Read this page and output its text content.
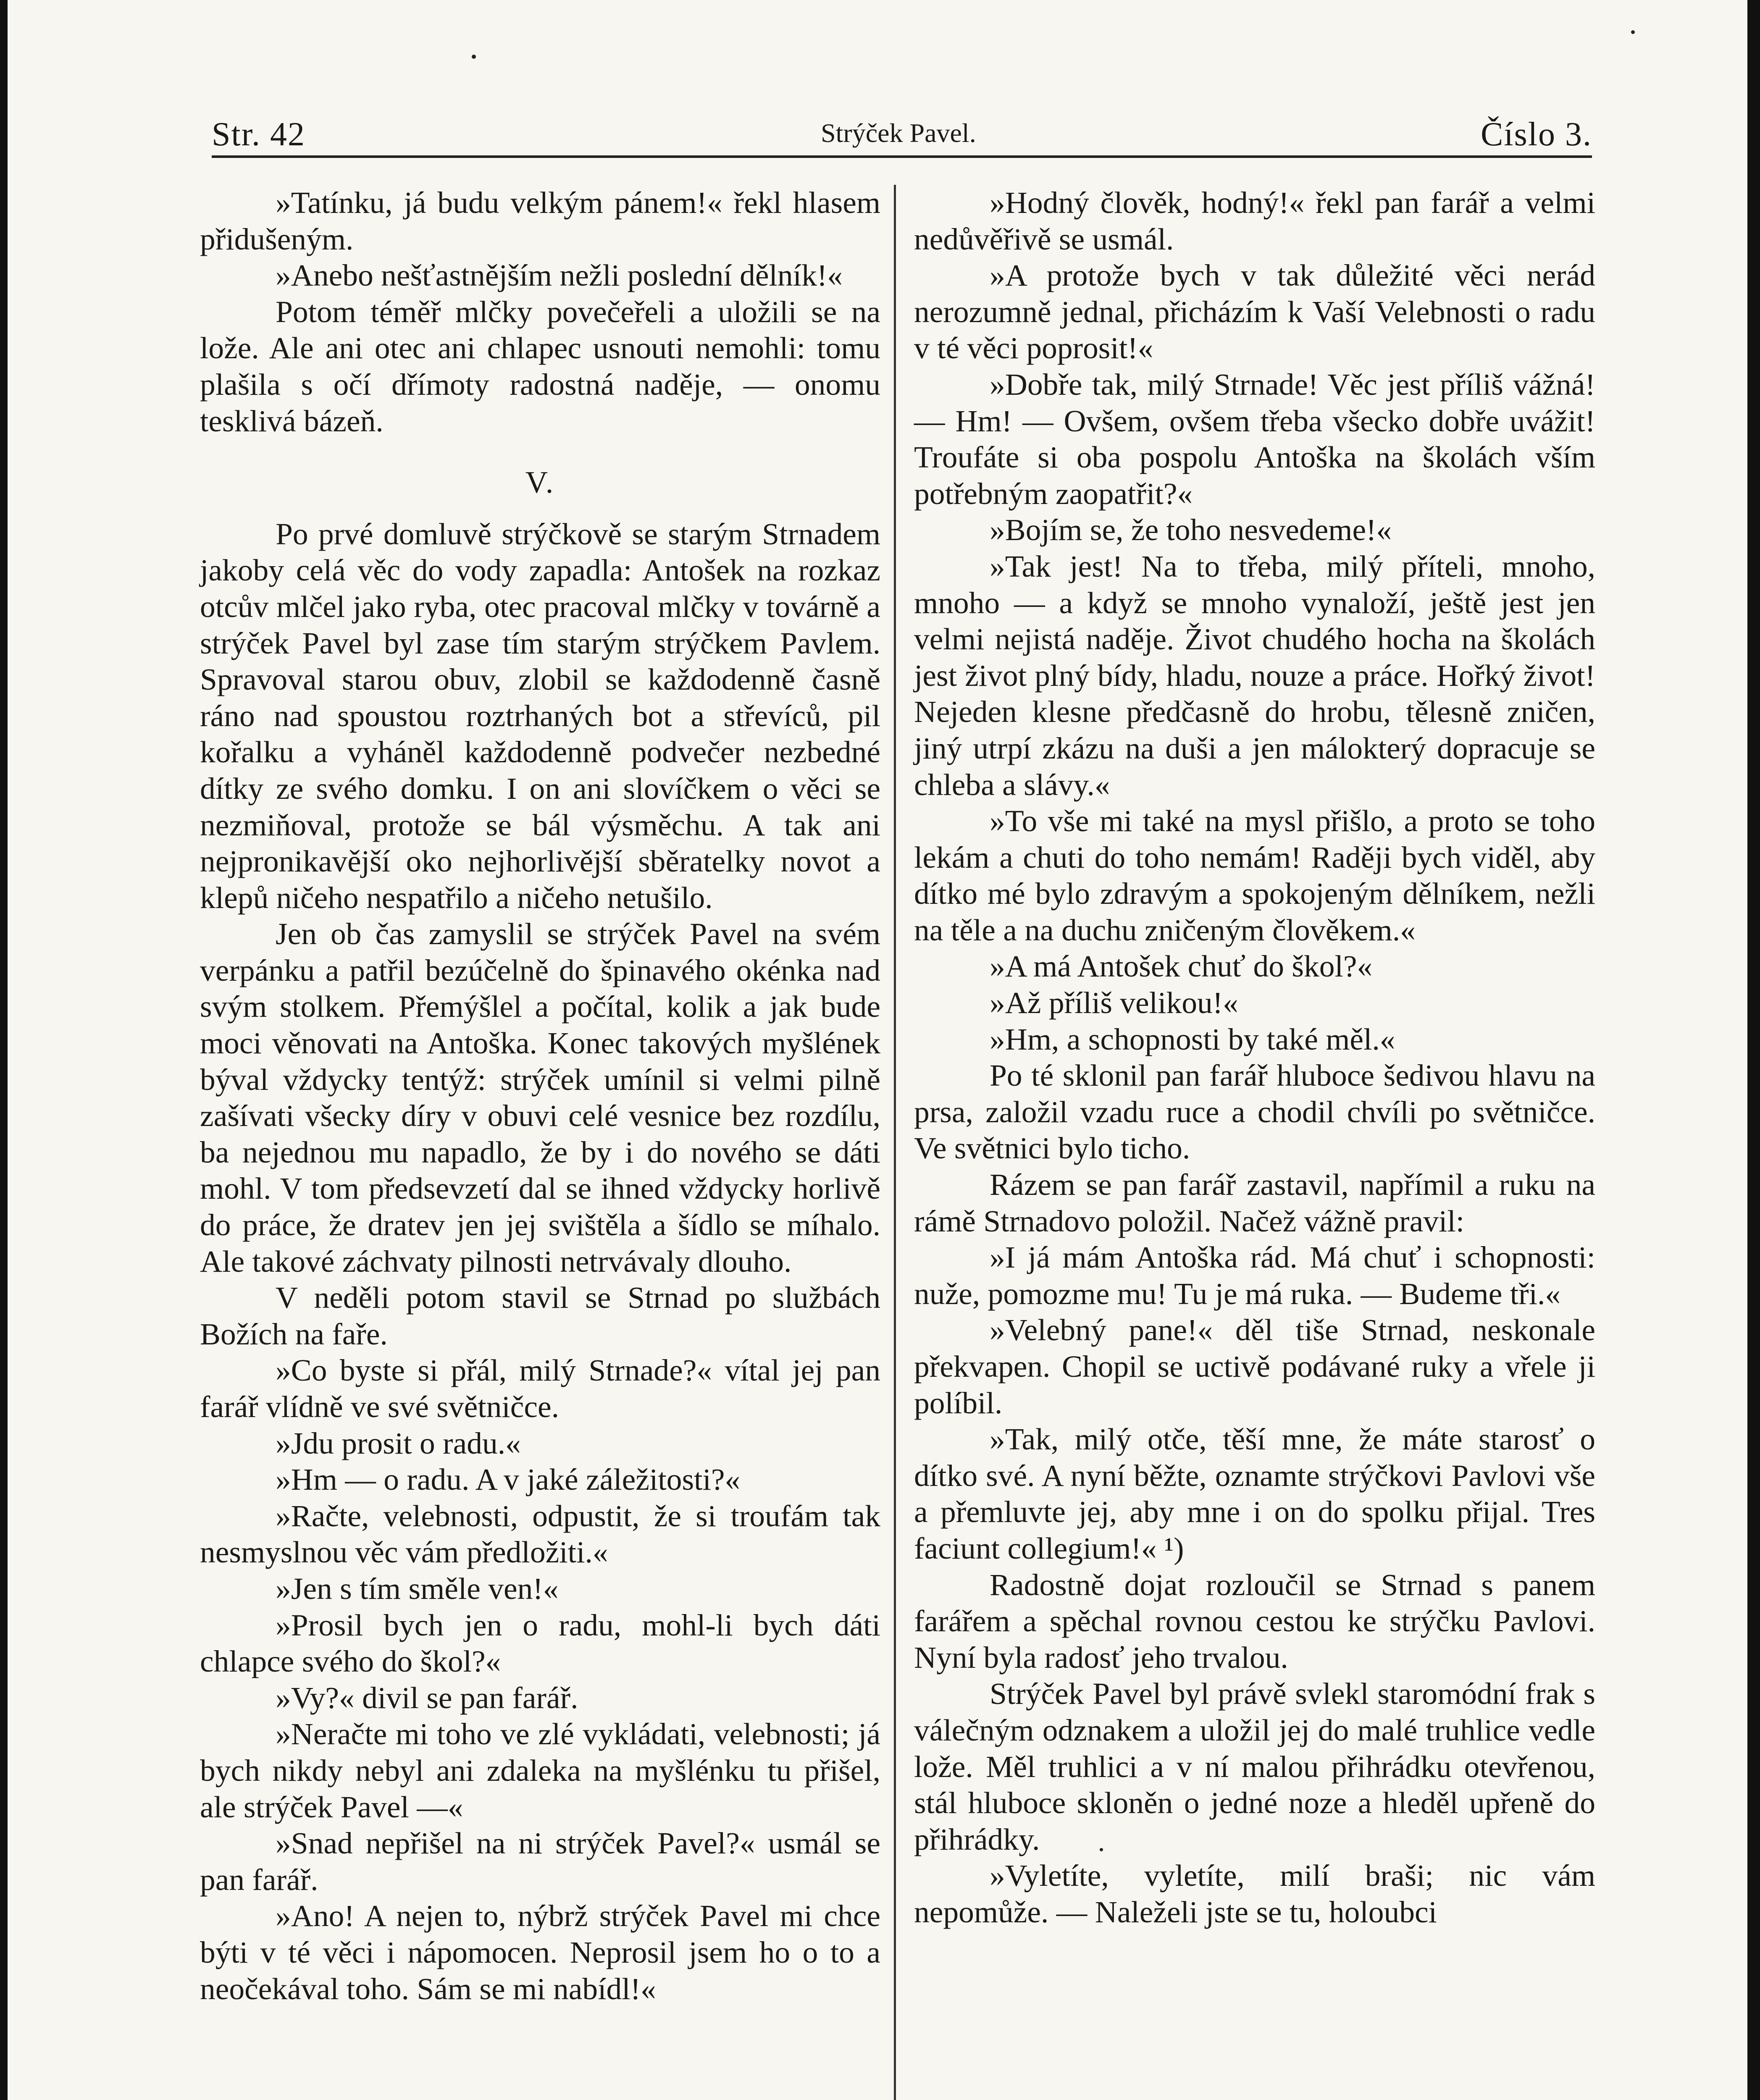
Str. 42	Strýček Pavel.	Číslo 3.

»Tatínku, já budu velkým pánem!« řekl hlasem přidušeným.

»Anebo nešťastnějším nežli poslední dělník!«

Potom téměř mlčky povečeřeli a uložili se na lože. Ale ani otec ani chlapec usnouti nemohli: tomu plašila s očí dřímoty radostná naděje, — onomu tesklivá bázeň.

V.

Po prvé domluvě strýčkově se starým Strnadem jakoby celá věc do vody zapadla: Antošek na rozkaz otcův mlčel jako ryba, otec pracoval mlčky v továrně a strýček Pavel byl zase tím starým strýčkem Pavlem. Spravoval starou obuv, zlobil se každodenně časně ráno nad spoustou roztrhaných bot a střevíců, pil kořalku a vyháněl každodenně podvečer nezbedné dítky ze svého domku. I on ani slovíčkem o věci se nezmiňoval, protože se bál výsměchu. A tak ani nejpronikavější oko nejhorlivější sběratelky novot a klepů ničeho nespatřilo a ničeho netušilo.

Jen ob čas zamyslil se strýček Pavel na svém verpánku a patřil bezúčelně do špinavého okénka nad svým stolkem. Přemýšlel a počítal, kolik a jak bude moci věnovati na Antoška. Konec takových myšlének býval vždycky tentýž: strýček umínil si velmi pilně zašívati všecky díry v obuvi celé vesnice bez rozdílu, ba nejednou mu napadlo, že by i do nového se dáti mohl. V tom předsevzetí dal se ihned vždycky horlivě do práce, že dratev jen jej svištěla a šídlo se míhalo. Ale takové záchvaty pilnosti netrvávaly dlouho.

V neděli potom stavil se Strnad po službách Božích na faře.

»Co byste si přál, milý Strnade?« vítal jej pan farář vlídně ve své světničce.

»Jdu prosit o radu.«

»Hm — o radu. A v jaké záležitosti?«

»Račte, velebnosti, odpustit, že si troufám tak nesmyslnou věc vám předložiti.«

»Jen s tím směle ven!«

»Prosil bych jen o radu, mohl-li bych dáti chlapce svého do škol?«

»Vy?« divil se pan farář.

»Neračte mi toho ve zlé vykládati, velebnosti; já bych nikdy nebyl ani zdaleka na myšlénku tu přišel, ale strýček Pavel —«

»Snad nepřišel na ni strýček Pavel?« usmál se pan farář.

»Ano! A nejen to, nýbrž strýček Pavel mi chce býti v té věci i nápomocen. Neprosil jsem ho o to a neočekával toho. Sám se mi nabídl!«

»Hodný člověk, hodný!« řekl pan farář a velmi nedůvěřivě se usmál.

»A protože bych v tak důležité věci nerád nerozumně jednal, přicházím k Vaší Velebnosti o radu v té věci poprosit!«

»Dobře tak, milý Strnade! Věc jest příliš vážná! — Hm! — Ovšem, ovšem třeba všecko dobře uvážit! Troufáte si oba pospolu Antoška na školách vším potřebným zaopatřit?«

»Bojím se, že toho nesvedeme!«

»Tak jest! Na to třeba, milý příteli, mnoho, mnoho — a když se mnoho vynaloží, ještě jest jen velmi nejistá naděje. Život chudého hocha na školách jest život plný bídy, hladu, nouze a práce. Hořký život! Nejeden klesne předčasně do hrobu, tělesně zničen, jiný utrpí zkázu na duši a jen málokterý dopracuje se chleba a slávy.«

»To vše mi také na mysl přišlo, a proto se toho lekám a chuti do toho nemám! Raději bych viděl, aby dítko mé bylo zdravým a spokojeným dělníkem, nežli na těle a na duchu zničeným člověkem.«

»A má Antošek chuť do škol?«

»Až příliš velikou!«

»Hm, a schopnosti by také měl.«

Po té sklonil pan farář hluboce šedivou hlavu na prsa, založil vzadu ruce a chodil chvíli po světničce. Ve světnici bylo ticho.

Rázem se pan farář zastavil, napřímil a ruku na rámě Strnadovo položil. Načež vážně pravil:

»I já mám Antoška rád. Má chuť i schopnosti: nuže, pomozme mu! Tu je má ruka. — Budeme tři.«

»Velebný pane!« děl tiše Strnad, neskonale překvapen. Chopil se uctivě podávané ruky a vřele ji políbil.

»Tak, milý otče, těší mne, že máte starosť o dítko své. A nyní běžte, oznamte strýčkovi Pavlovi vše a přemluvte jej, aby mne i on do spolku přijal. Tres faciunt collegium!« ¹)

Radostně dojat rozloučil se Strnad s panem farářem a spěchal rovnou cestou ke strýčku Pavlovi. Nyní byla radosť jeho trvalou.

Strýček Pavel byl právě svlekl staromódní frak s válečným odznakem a uložil jej do malé truhlice vedle lože. Měl truhlici a v ní malou přihrádku otevřenou, stál hluboce skloněn o jedné noze a hleděl upřeně do přihrádky.

»Vyletíte, vyletíte, milí braši; nic vám nepomůže. — Naleželi jste se tu, holoubci
